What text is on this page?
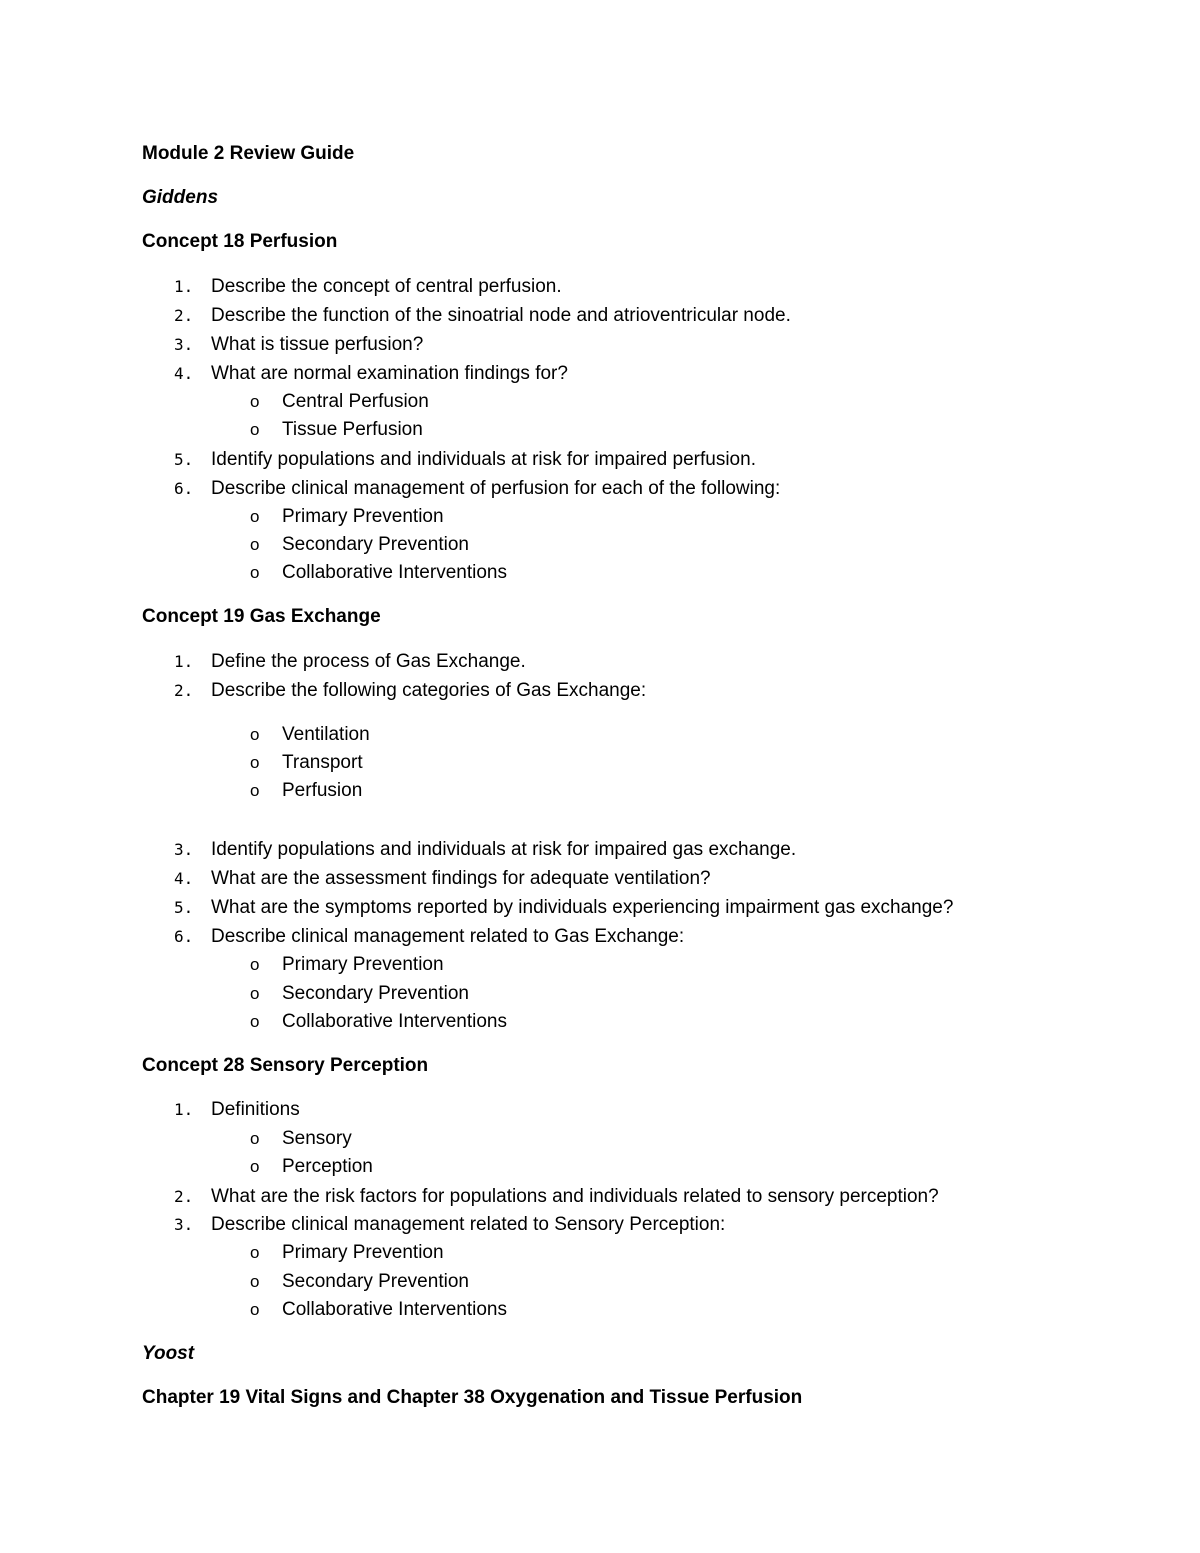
Module 2 Review Guide
Giddens
Concept 18 Perfusion
1. Describe the concept of central perfusion.
2. Describe the function of the sinoatrial node and atrioventricular node.
3. What is tissue perfusion?
4. What are normal examination findings for?
o Central Perfusion
o Tissue Perfusion
5. Identify populations and individuals at risk for impaired perfusion.
6. Describe clinical management of perfusion for each of the following:
o Primary Prevention
o Secondary Prevention
o Collaborative Interventions
Concept 19 Gas Exchange
1. Define the process of Gas Exchange.
2. Describe the following categories of Gas Exchange:
o Ventilation
o Transport
o Perfusion
3. Identify populations and individuals at risk for impaired gas exchange.
4. What are the assessment findings for adequate ventilation?
5. What are the symptoms reported by individuals experiencing impairment gas exchange?
6. Describe clinical management related to Gas Exchange:
o Primary Prevention
o Secondary Prevention
o Collaborative Interventions
Concept 28 Sensory Perception
1. Definitions
o Sensory
o Perception
2. What are the risk factors for populations and individuals related to sensory perception?
3. Describe clinical management related to Sensory Perception:
o Primary Prevention
o Secondary Prevention
o Collaborative Interventions
Yoost
Chapter 19 Vital Signs and Chapter 38 Oxygenation and Tissue Perfusion
